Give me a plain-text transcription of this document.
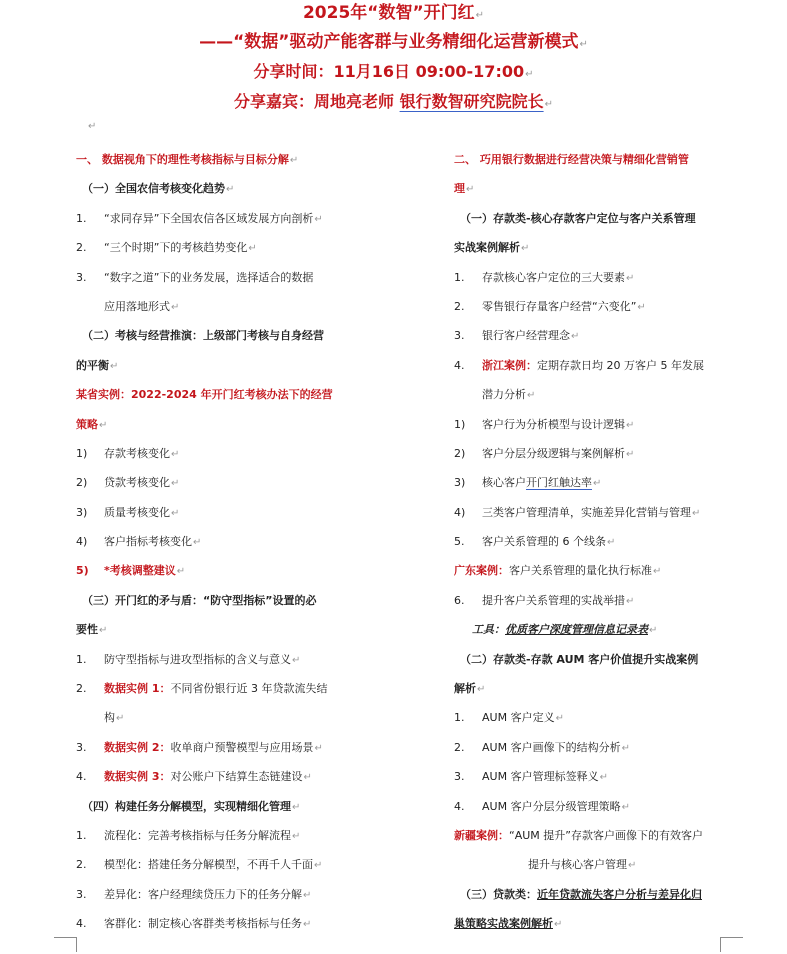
2025年“数智”开门红↵
——“数据”驱动产能客群与业务精细化运营新模式↵
分享时间：11月16日 09:00-17:00↵
分享嘉宾：周地亮老师 银行数智研究院院长↵
↵
一、 数据视角下的理性考核指标与目标分解↵
（一）全国农信考核变化趋势↵
1. “求同存异”下全国农信各区域发展方向剖析↵
2. “三个时期”下的考核趋势变化↵
3. “数字之道”下的业务发展，选择适合的数据
应用落地形式↵
（二）考核与经营推演：上级部门考核与自身经营
的平衡↵
某省实例：2022-2024 年开门红考核办法下的经营
策略↵
1) 存款考核变化↵
2) 贷款考核变化↵
3) 质量考核变化↵
4) 客户指标考核变化↵
5) *考核调整建议↵
（三）开门红的矛与盾：“防守型指标”设置的必
要性↵
1. 防守型指标与进攻型指标的含义与意义↵
2. 数据实例 1：不同省份银行近 3 年贷款流失结
构↵
3. 数据实例 2：收单商户预警模型与应用场景↵
4. 数据实例 3：对公账户下结算生态链建设↵
（四）构建任务分解模型，实现精细化管理↵
1. 流程化：完善考核指标与任务分解流程↵
2. 模型化：搭建任务分解模型，不再千人千面↵
3. 差异化：客户经理续贷压力下的任务分解↵
4. 客群化：制定核心客群类考核指标与任务↵
二、 巧用银行数据进行经营决策与精细化营销管
理↵
（一）存款类-核心存款客户定位与客户关系管理
实战案例解析↵
1. 存款核心客户定位的三大要素↵
2. 零售银行存量客户经营“六变化”↵
3. 银行客户经营理念↵
4. 浙江案例：定期存款日均 20 万客户 5 年发展
潜力分析↵
1) 客户行为分析模型与设计逻辑↵
2) 客户分层分级逻辑与案例解析↵
3) 核心客户开门红触达率↵
4) 三类客户管理清单，实施差异化营销与管理↵
5. 客户关系管理的 6 个线条↵
广东案例：客户关系管理的量化执行标准↵
6. 提升客户关系管理的实战举措↵
工具：优质客户深度管理信息记录表↵
（二）存款类-存款 AUM 客户价值提升实战案例
解析↵
1. AUM 客户定义↵
2. AUM 客户画像下的结构分析↵
3. AUM 客户管理标签释义↵
4. AUM 客户分层分级管理策略↵
新疆案例：“AUM 提升”存款客户画像下的有效客户
提升与核心客户管理↵
（三）贷款类：近年贷款流失客户分析与差异化归
巢策略实战案例解析↵
